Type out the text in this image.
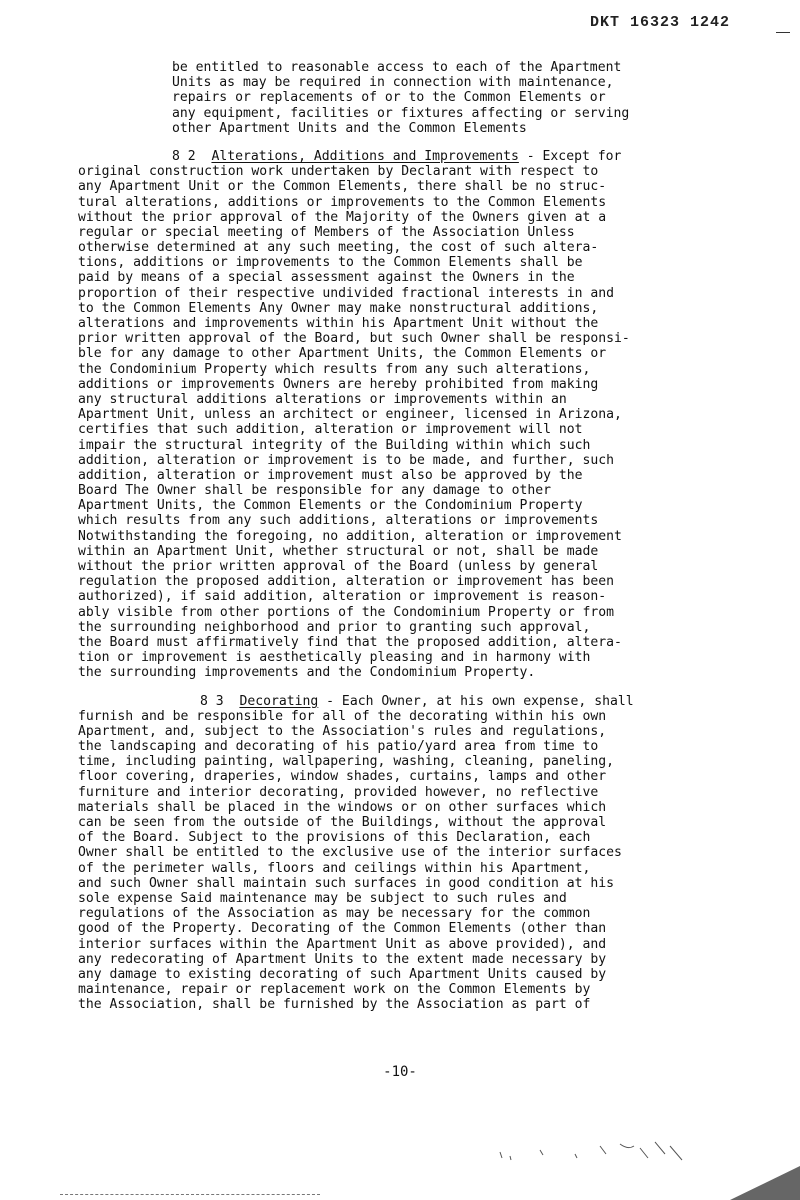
DKT 16323 1242

be entitled to reasonable access to each of the Apartment
Units as may be required in connection with maintenance,
repairs or replacements of or to the Common Elements or
any equipment, facilities or fixtures affecting or serving
other Apartment Units and the Common Elements

8 2 Alterations, Additions and Improvements - Except for
original construction work undertaken by Declarant with respect to
any Apartment Unit or the Common Elements, there shall be no struc-
tural alterations, additions or improvements to the Common Elements
without the prior approval of the Majority of the Owners given at a
regular or special meeting of Members of the Association Unless
otherwise determined at any such meeting, the cost of such altera-
tions, additions or improvements to the Common Elements shall be
paid by means of a special assessment against the Owners in the
proportion of their respective undivided fractional interests in and
to the Common Elements Any Owner may make nonstructural additions,
alterations and improvements within his Apartment Unit without the
prior written approval of the Board, but such Owner shall be responsi-
ble for any damage to other Apartment Units, the Common Elements or
the Condominium Property which results from any such alterations,
additions or improvements Owners are hereby prohibited from making
any structural additions alterations or improvements within an
Apartment Unit, unless an architect or engineer, licensed in Arizona,
certifies that such addition, alteration or improvement will not
impair the structural integrity of the Building within which such
addition, alteration or improvement is to be made, and further, such
addition, alteration or improvement must also be approved by the
Board The Owner shall be responsible for any damage to other
Apartment Units, the Common Elements or the Condominium Property
which results from any such additions, alterations or improvements
Notwithstanding the foregoing, no addition, alteration or improvement
within an Apartment Unit, whether structural or not, shall be made
without the prior written approval of the Board (unless by general
regulation the proposed addition, alteration or improvement has been
authorized), if said addition, alteration or improvement is reason-
ably visible from other portions of the Condominium Property or from
the surrounding neighborhood and prior to granting such approval,
the Board must affirmatively find that the proposed addition, altera-
tion or improvement is aesthetically pleasing and in harmony with
the surrounding improvements and the Condominium Property.

8 3 Decorating - Each Owner, at his own expense, shall
furnish and be responsible for all of the decorating within his own
Apartment, and, subject to the Association's rules and regulations,
the landscaping and decorating of his patio/yard area from time to
time, including painting, wallpapering, washing, cleaning, paneling,
floor covering, draperies, window shades, curtains, lamps and other
furniture and interior decorating, provided however, no reflective
materials shall be placed in the windows or on other surfaces which
can be seen from the outside of the Buildings, without the approval
of the Board. Subject to the provisions of this Declaration, each
Owner shall be entitled to the exclusive use of the interior surfaces
of the perimeter walls, floors and ceilings within his Apartment,
and such Owner shall maintain such surfaces in good condition at his
sole expense Said maintenance may be subject to such rules and
regulations of the Association as may be necessary for the common
good of the Property. Decorating of the Common Elements (other than
interior surfaces within the Apartment Unit as above provided), and
any redecorating of Apartment Units to the extent made necessary by
any damage to existing decorating of such Apartment Units caused by
maintenance, repair or replacement work on the Common Elements by
the Association, shall be furnished by the Association as part of

-10-
